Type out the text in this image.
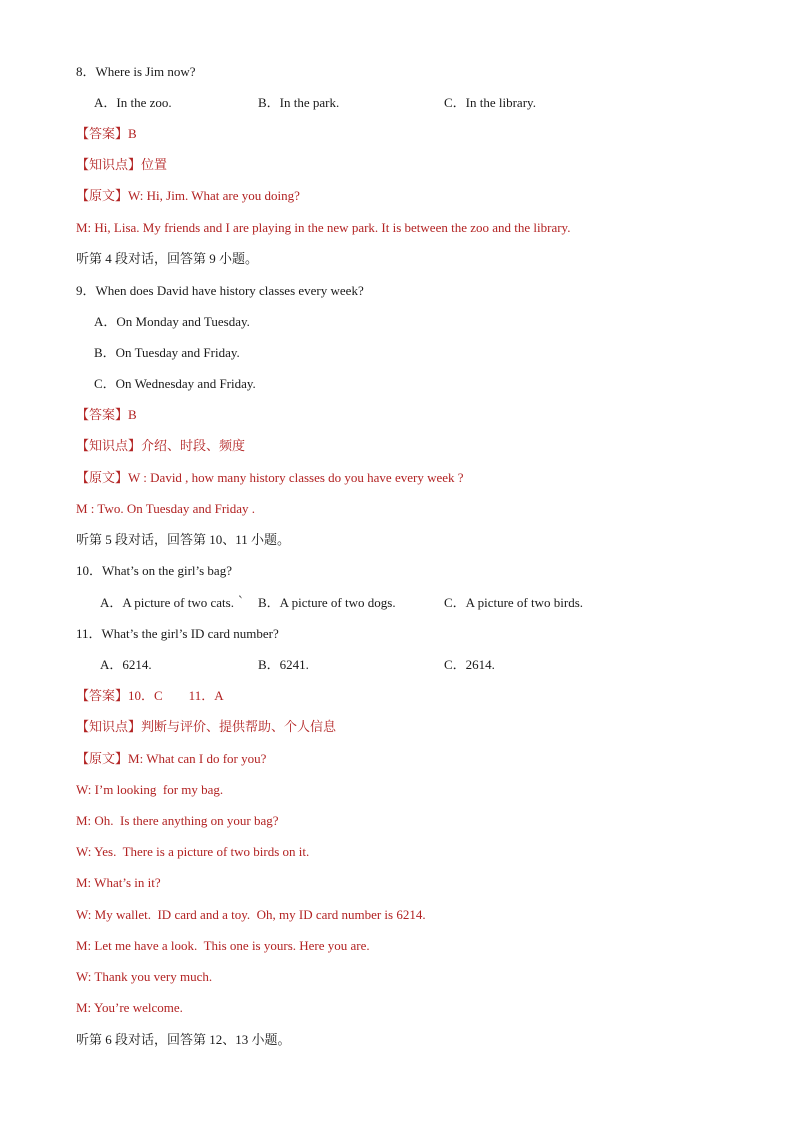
8．Where is Jim now?
A．In the zoo.	B．In the park.	C．In the library.
【答案】B
【知识点】位置
【原文】W: Hi, Jim. What are you doing?
M: Hi, Lisa. My friends and I are playing in the new park. It is between the zoo and the library.
听第 4 段对话，回答第 9 小题。
9．When does David have history classes every week?
A．On Monday and Tuesday.
B．On Tuesday and Friday.
C．On Wednesday and Friday.
【答案】B
【知识点】介绍、时段、频度
【原文】W : David , how many history classes do you have every week ?
M : Two. On Tuesday and Friday .
听第 5 段对话，回答第 10、11 小题。
10．What’s on the girl’s bag?
A．A picture of two cats.｀ B．A picture of two dogs.	C．A picture of two birds.
11．What’s the girl’s ID card number?
A．6214.	B．6241.	C．2614.
【答案】10．C        11．A
【知识点】判断与评价、提供帮助、个人信息
【原文】M: What can I do for you?
W: I’m looking  for my bag.
M: Oh.  Is there anything on your bag?
W: Yes.  There is a picture of two birds on it.
M: What’s in it?
W: My wallet.  ID card and a toy.  Oh, my ID card number is 6214.
M: Let me have a look.  This one is yours. Here you are.
W: Thank you very much.
M: You’re welcome.
听第 6 段对话，回答第 12、13 小题。
